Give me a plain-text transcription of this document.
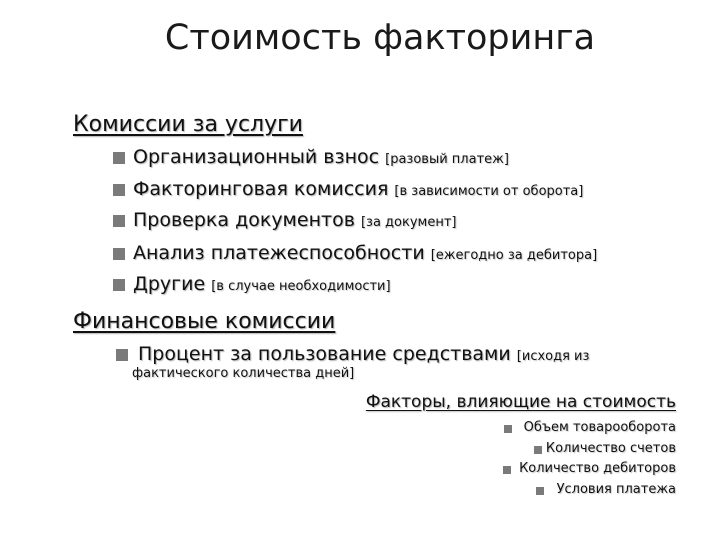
Стоимость факторинга
Комиссии за услуги
Организационный взнос [разовый платеж]
Факторинговая комиссия [в зависимости от оборота]
Проверка документов [за документ]
Анализ платежеспособности [ежегодно за дебитора]
Другие [в случае необходимости]
Финансовые комиссии
Процент за пользование средствами [исходя из
фактического количества дней]
Факторы, влияющие на стоимость
Объем товарооборота
Количество счетов
Количество дебиторов
Условия платежа
